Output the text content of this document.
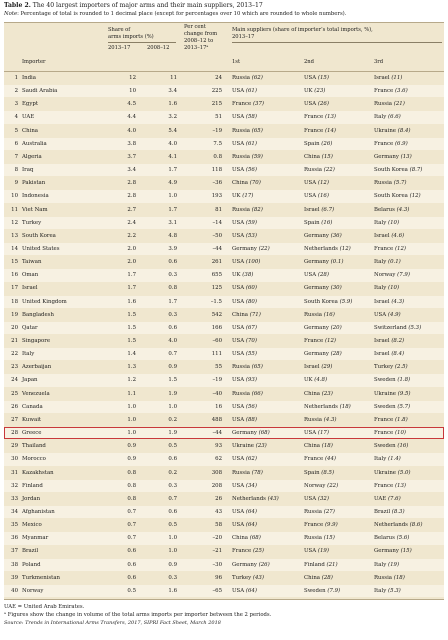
Table 2. The 40 largest importers of major arms and their main suppliers, 2013–17
Note: Percentage of total is rounded to 1 decimal place (except for percentages over 10 which are rounded to whole numbers).
Share of
arms imports (%)
2013–17	2008–12
Per cent
change from
2008–12 to
2013–17ᵃ
Main suppliers (share of importer’s total imports, %),
2013–17
Importer	1st	2nd	3rd
1 India	12	11	24 Russia (62)	USA (15)	Israel (11)
2 Saudi Arabia	10	3.4	225 USA (61)	UK (23)	France (3.6)
3 Egypt	4.5	1.6	215 France (37)	USA (26)	Russia (21)
4 UAE	4.4	3.2	51 USA (58)	France (13)	Italy (6.6)
5 China	4.0	5.4	–19 Russia (65)	France (14)	Ukraine (8.4)
6 Australia	3.8	4.0	7.5 USA (61)	Spain (26)	France (6.9)
7 Algeria	3.7	4.1	0.8 Russia (59)	China (15)	Germany (13)
8 Iraq	3.4	1.7	118 USA (56)	Russia (22)	South Korea (8.7)
9 Pakistan	2.8	4.9	–36 China (70)	USA (12)	Russia (5.7)
10 Indonesia	2.8	1.0	193 UK (17)	USA (16)	South Korea (12)
11 Viet Nam	2.7	1.7	81 Russia (82)	Israel (6.7)	Belarus (4.3)
12 Turkey	2.4	3.1	–14 USA (59)	Spain (16)	Italy (10)
13 South Korea	2.2	4.8	–50 USA (53)	Germany (36)	Israel (4.6)
14 United States	2.0	3.9	–44 Germany (22)	Netherlands (12)	France (12)
15 Taiwan	2.0	0.6	261 USA (100)	Germany (0.1)	Italy (0.1)
16 Oman	1.7	0.3	655 UK (38)	USA (28)	Norway (7.9)
17 Israel	1.7	0.8	125 USA (60)	Germany (30)	Italy (10)
18 United Kingdom	1.6	1.7	–1.5 USA (80)	South Korea (5.9)	Israel (4.3)
19 Bangladesh	1.5	0.3	542 China (71)	Russia (16)	USA (4.9)
20 Qatar	1.5	0.6	166 USA (67)	Germany (20)	Switzerland (5.3)
21 Singapore	1.5	4.0	–60 USA (70)	France (12)	Israel (8.2)
22 Italy	1.4	0.7	111 USA (55)	Germany (28)	Israel (8.4)
23 Azerbaijan	1.3	0.9	55 Russia (65)	Israel (29)	Turkey (2.5)
24 Japan	1.2	1.5	–19 USA (93)	UK (4.8)	Sweden (1.8)
25 Venezuela	1.1	1.9	–40 Russia (66)	China (23)	Ukraine (9.5)
26 Canada	1.0	1.0	16 USA (56)	Netherlands (18)	Sweden (5.7)
27 Kuwait	1.0	0.2	488 USA (88)	Russia (4.3)	France (1.8)
28 Greece	1.0	1.9	–44 Germany (68)	USA (17)	France (10)
29 Thailand	0.9	0.5	93 Ukraine (23)	China (18)	Sweden (16)
30 Morocco	0.9	0.6	62 USA (62)	France (44)	Italy (1.4)
31 Kazakhstan	0.8	0.2	308 Russia (78)	Spain (8.5)	Ukraine (5.0)
32 Finland	0.8	0.3	208 USA (34)	Norway (22)	France (13)
33 Jordan	0.8	0.7	26 Netherlands (43)	USA (32)	UAE (7.6)
34 Afghanistan	0.7	0.6	43 USA (64)	Russia (27)	Brazil (8.3)
35 Mexico	0.7	0.5	58 USA (64)	France (9.9)	Netherlands (8.6)
36 Myanmar	0.7	1.0	–20 China (68)	Russia (15)	Belarus (5.6)
37 Brazil	0.6	1.0	–21 France (25)	USA (19)	Germany (15)
38 Poland	0.6	0.9	–30 Germany (26)	Finland (21)	Italy (19)
39 Turkmenistan	0.6	0.3	96 Turkey (43)	China (28)	Russia (18)
40 Norway	0.5	1.6	–65 USA (64)	Sweden (7.9)	Italy (5.3)
UAE = United Arab Emirates.
ᵃ Figures show the change in volume of the total arms imports per importer between the 2 periods.
Source: Trends in International Arms Transfers, 2017, SIPRI Fact Sheet, March 2018
